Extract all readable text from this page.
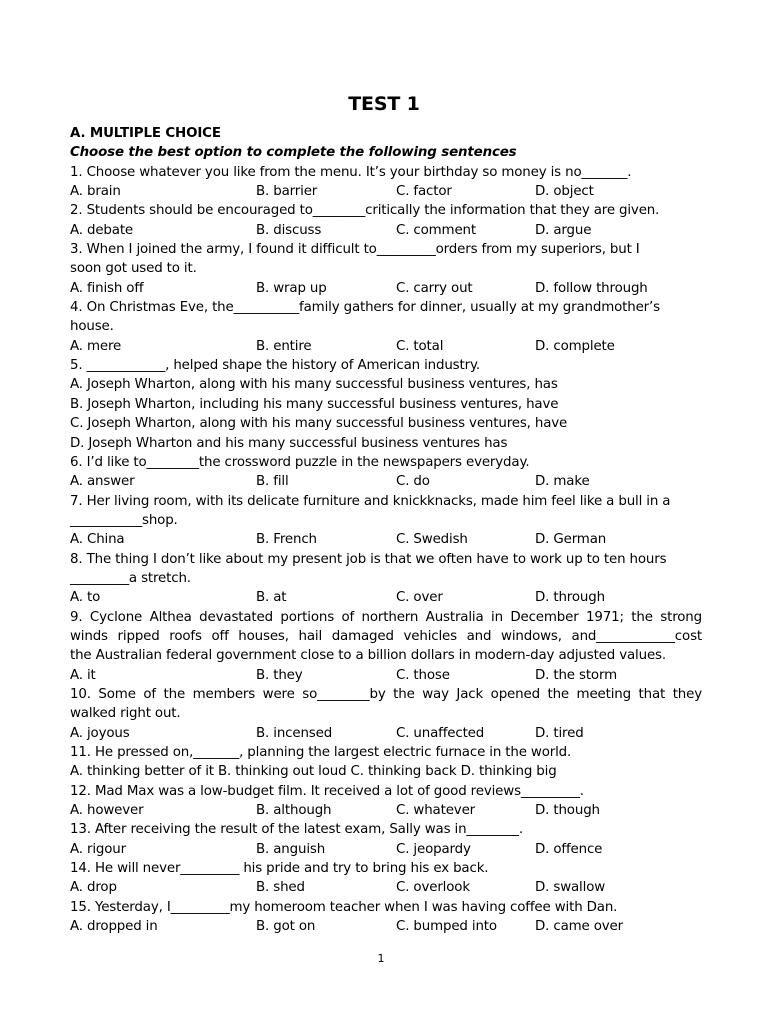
TEST 1
A. MULTIPLE CHOICE
Choose the best option to complete the following sentences
1. Choose whatever you like from the menu. It’s your birthday so money is no_______.
A. brain	B. barrier	C. factor	D. object
2. Students should be encouraged to________critically the information that they are given.
A. debate	B. discuss	C. comment	D. argue
3. When I joined the army, I found it difficult to_________orders from my superiors, but I
soon got used to it.
A. finish off	B. wrap up	C. carry out	D. follow through
4. On Christmas Eve, the__________family gathers for dinner, usually at my grandmother’s
house.
A. mere	B. entire	C. total	D. complete
5. ____________, helped shape the history of American industry.
A. Joseph Wharton, along with his many successful business ventures, has
B. Joseph Wharton, including his many successful business ventures, have
C. Joseph Wharton, along with his many successful business ventures, have
D. Joseph Wharton and his many successful business ventures has
6. I’d like to________the crossword puzzle in the newspapers everyday.
A. answer	B. fill	C. do	D. make
7. Her living room, with its delicate furniture and knickknacks, made him feel like a bull in a
___________shop.
A. China	B. French	C. Swedish	D. German
8. The thing I don’t like about my present job is that we often have to work up to ten hours
_________a stretch.
A. to	B. at	C. over	D. through
9. Cyclone Althea devastated portions of northern Australia in December 1971; the strong
winds ripped roofs off houses, hail damaged vehicles and windows, and____________cost
the Australian federal government close to a billion dollars in modern-day adjusted values.
A. it	B. they	C. those	D. the storm
10. Some of the members were so________by the way Jack opened the meeting that they
walked right out.
A. joyous	B. incensed	C. unaffected	D. tired
11. He pressed on,_______, planning the largest electric furnace in the world.
A. thinking better of it B. thinking out loud C. thinking back D. thinking big
12. Mad Max was a low-budget film. It received a lot of good reviews_________.
A. however	B. although	C. whatever	D. though
13. After receiving the result of the latest exam, Sally was in________.
A. rigour	B. anguish	C. jeopardy	D. offence
14. He will never_________ his pride and try to bring his ex back.
A. drop	B. shed	C. overlook	D. swallow
15. Yesterday, I_________my homeroom teacher when I was having coffee with Dan.
A. dropped in	B. got on	C. bumped into	D. came over
1
